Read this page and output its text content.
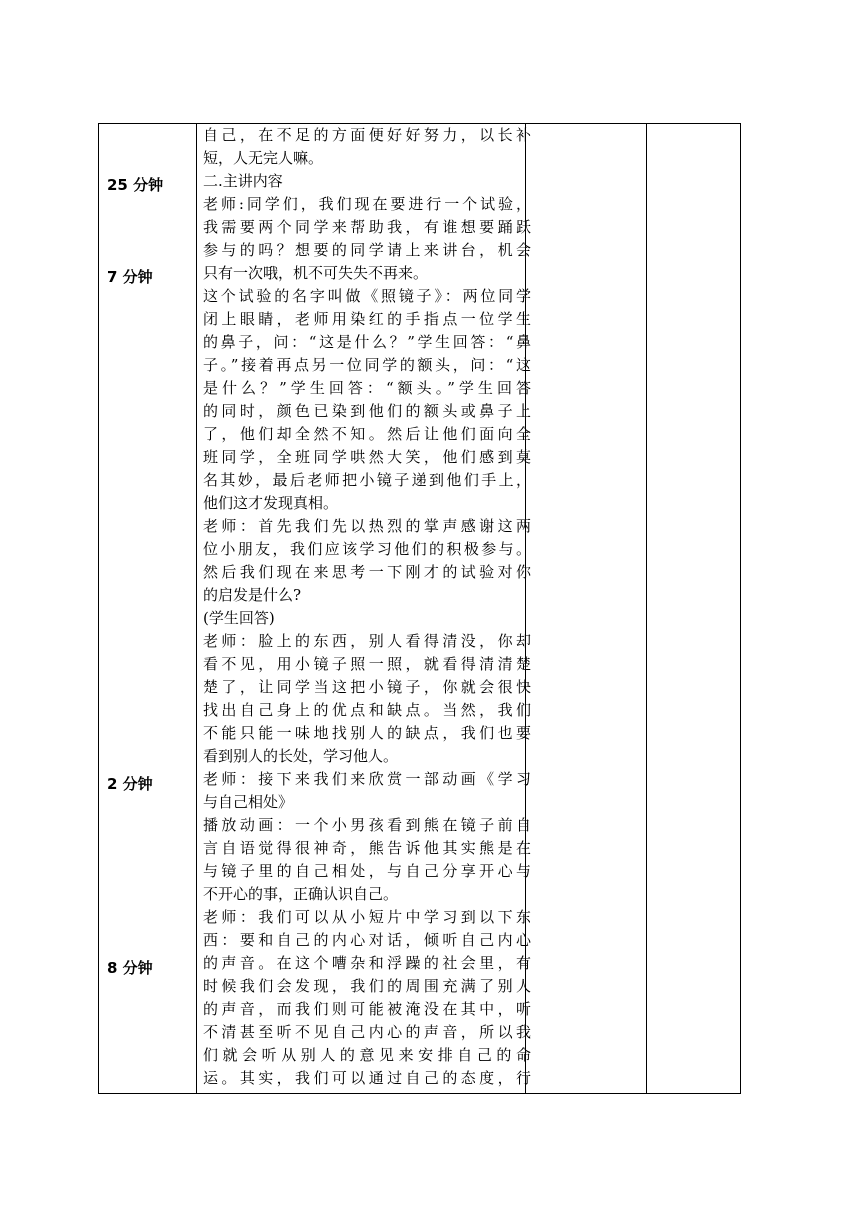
25 分钟
7 分钟
2 分钟
8 分钟
自己，在不足的方面便好好努力，以长补
短，人无完人嘛。
二.主讲内容
老师:同学们，我们现在要进行一个试验，
我需要两个同学来帮助我，有谁想要踊跃
参与的吗？想要的同学请上来讲台，机会
只有一次哦，机不可失失不再来。
这个试验的名字叫做《照镜子》：两位同学
闭上眼睛，老师用染红的手指点一位学生
的鼻子，问：“这是什么？”学生回答：“鼻
子。”接着再点另一位同学的额头，问：“这
是什么？”学生回答：“额头。”学生回答
的同时，颜色已染到他们的额头或鼻子上
了，他们却全然不知。然后让他们面向全
班同学，全班同学哄然大笑，他们感到莫
名其妙，最后老师把小镜子递到他们手上，
他们这才发现真相。
老师：首先我们先以热烈的掌声感谢这两
位小朋友，我们应该学习他们的积极参与。
然后我们现在来思考一下刚才的试验对你
的启发是什么?
(学生回答)
老师：脸上的东西，别人看得清没，你却
看不见，用小镜子照一照，就看得清清楚
楚了，让同学当这把小镜子，你就会很快
找出自己身上的优点和缺点。当然，我们
不能只能一味地找别人的缺点，我们也要
看到别人的长处，学习他人。
老师：接下来我们来欣赏一部动画《学习
与自己相处》
播放动画：一个小男孩看到熊在镜子前自
言自语觉得很神奇，熊告诉他其实熊是在
与镜子里的自己相处，与自己分享开心与
不开心的事，正确认识自己。
老师：我们可以从小短片中学习到以下东
西：要和自己的内心对话，倾听自己内心
的声音。在这个嘈杂和浮躁的社会里，有
时候我们会发现，我们的周围充满了别人
的声音，而我们则可能被淹没在其中，听
不清甚至听不见自己内心的声音，所以我
们就会听从别人的意见来安排自己的命
运。其实，我们可以通过自己的态度，行
